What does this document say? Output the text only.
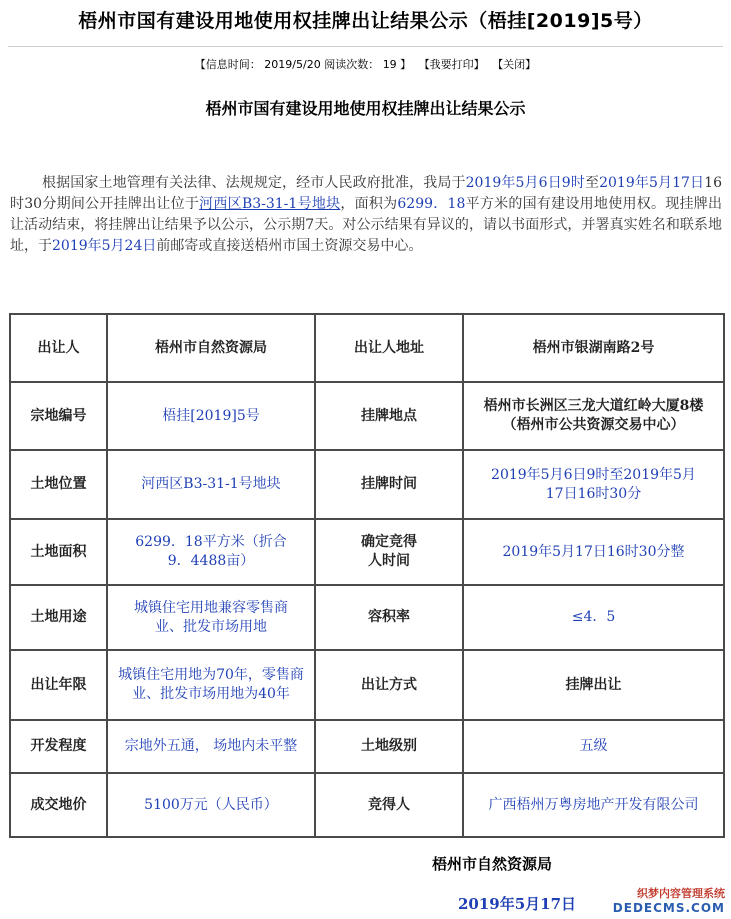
梧州市国有建设用地使用权挂牌出让结果公示（梧挂[2019]5号）
【信息时间： 2019/5/20 阅读次数： 19 】 【我要打印】 【关闭】
梧州市国有建设用地使用权挂牌出让结果公示

根据国家土地管理有关法律、法规规定，经市人民政府批准，我局于2019年5月6日9时至2019年5月17日16时30分期间公开挂牌出让位于河西区B3-31-1号地块，面积为6299．18平方米的国有建设用地使用权。现挂牌出让活动结束，将挂牌出让结果予以公示，公示期7天。对公示结果有异议的，请以书面形式，并署真实姓名和联系地址，于2019年5月24日前邮寄或直接送梧州市国土资源交易中心。

出让人	梧州市自然资源局	出让人地址	梧州市银湖南路2号
宗地编号	梧挂[2019]5号	挂牌地点	梧州市长洲区三龙大道红岭大厦8楼（梧州市公共资源交易中心）
土地位置	河西区B3-31-1号地块	挂牌时间	2019年5月6日9时至2019年5月17日16时30分
土地面积	6299．18平方米（折合9．4488亩）	确定竞得人时间	2019年5月17日16时30分整
土地用途	城镇住宅用地兼容零售商业、批发市场用地	容积率	≤4．5
出让年限	城镇住宅用地为70年，零售商业、批发市场用地为40年	出让方式	挂牌出让
开发程度	宗地外五通， 场地内未平整	土地级别	五级
成交地价	5100万元（人民币）	竞得人	广西梧州万粤房地产开发有限公司
梧州市自然资源局
2019年5月17日
织梦内容管理系统
DEDECMS.COM
